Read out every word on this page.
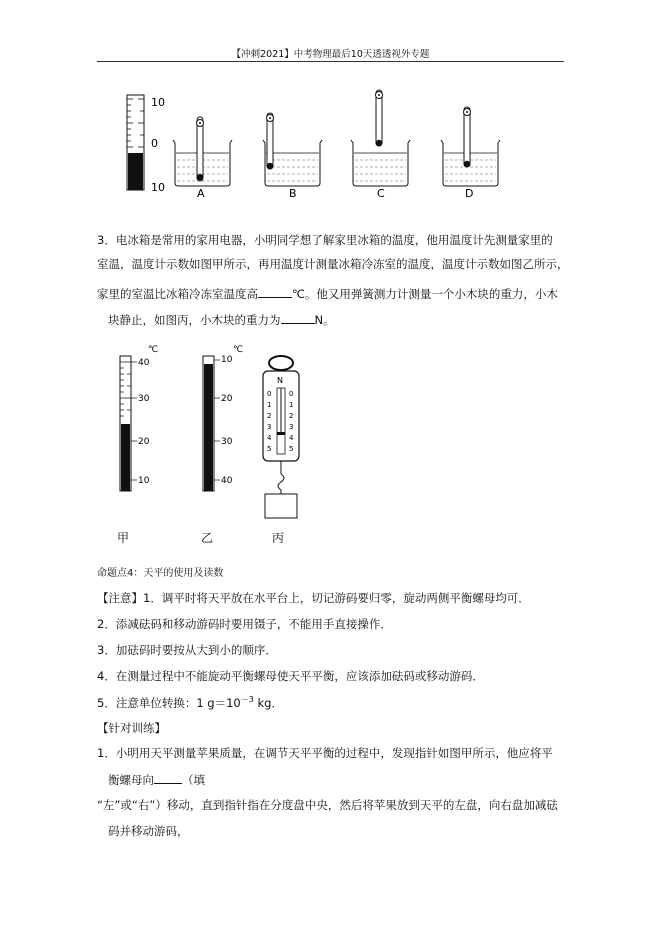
【冲刺2021】中考物理最后10天透透视外专题
10
0
10	A	B	C	D
3．电冰箱是常用的家用电器，小明同学想了解家里冰箱的温度，他用温度计先测量家里的
室温，温度计示数如图甲所示，再用温度计测量冰箱冷冻室的温度，温度计示数如图乙所示，
家里的室温比冰箱冷冻室温度高	℃。他又用弹簧测力计测量一个小木块的重力，小木
块静止，如图丙，小木块的重力为	N。
℃
40
30
20
10
℃
10
20
30
40
N
0
1
2
3
4
5
0
1
2
3
4
5
甲	乙	丙
命题点4：天平的使用及读数
【注意】1．调平时将天平放在水平台上，切记游码要归零，旋动两侧平衡螺母均可．
2．添减砝码和移动游码时要用镊子，不能用手直接操作．
3．加砝码时要按从大到小的顺序．
4．在测量过程中不能旋动平衡螺母使天平平衡，应该添加砝码或移动游码．
5．注意单位转换：1 $g=10^{-3}$ kg．
【针对训练】
1．小明用天平测量苹果质量，在调节天平平衡的过程中，发现指针如图甲所示，他应将平
衡螺母向 （填
“左”或“右”）移动，直到指针指在分度盘中央，然后将苹果放到天平的左盘，向右盘加减砝
码并移动游码，
